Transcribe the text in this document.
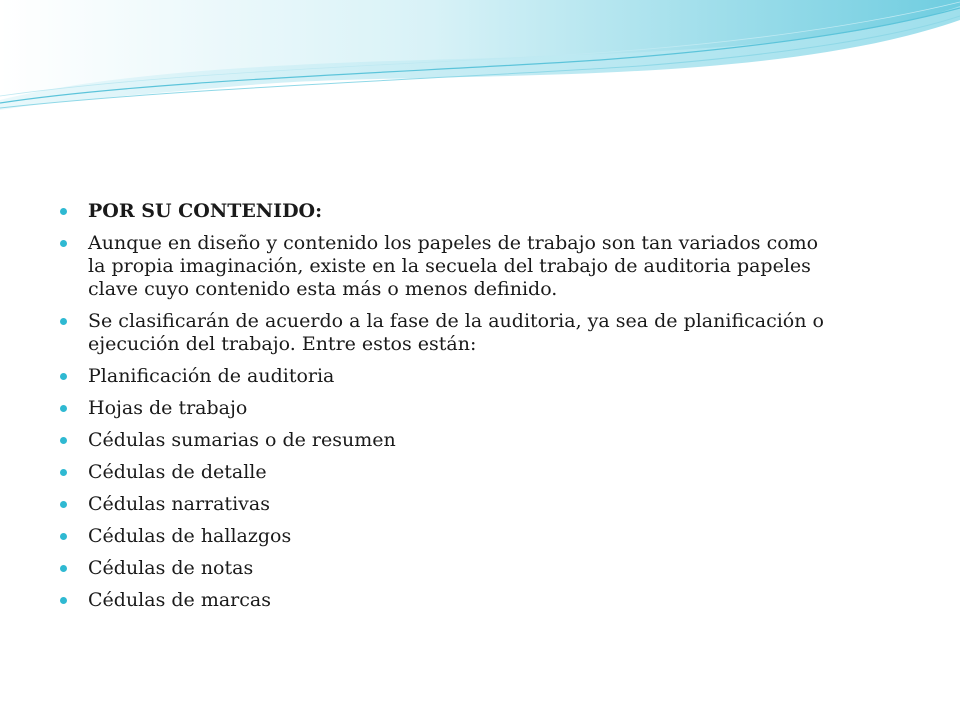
POR SU CONTENIDO:
Aunque en diseño y contenido los papeles de trabajo son tan variados como la propia imaginación, existe en la secuela del trabajo de auditoria papeles clave cuyo contenido esta más o menos definido.
Se clasificarán de acuerdo a la fase de la auditoria, ya sea de planificación o ejecución del trabajo. Entre estos están:
Planificación de auditoria
Hojas de trabajo
Cédulas sumarias o de resumen
Cédulas de detalle
Cédulas narrativas
Cédulas de hallazgos
Cédulas de notas
Cédulas de marcas
